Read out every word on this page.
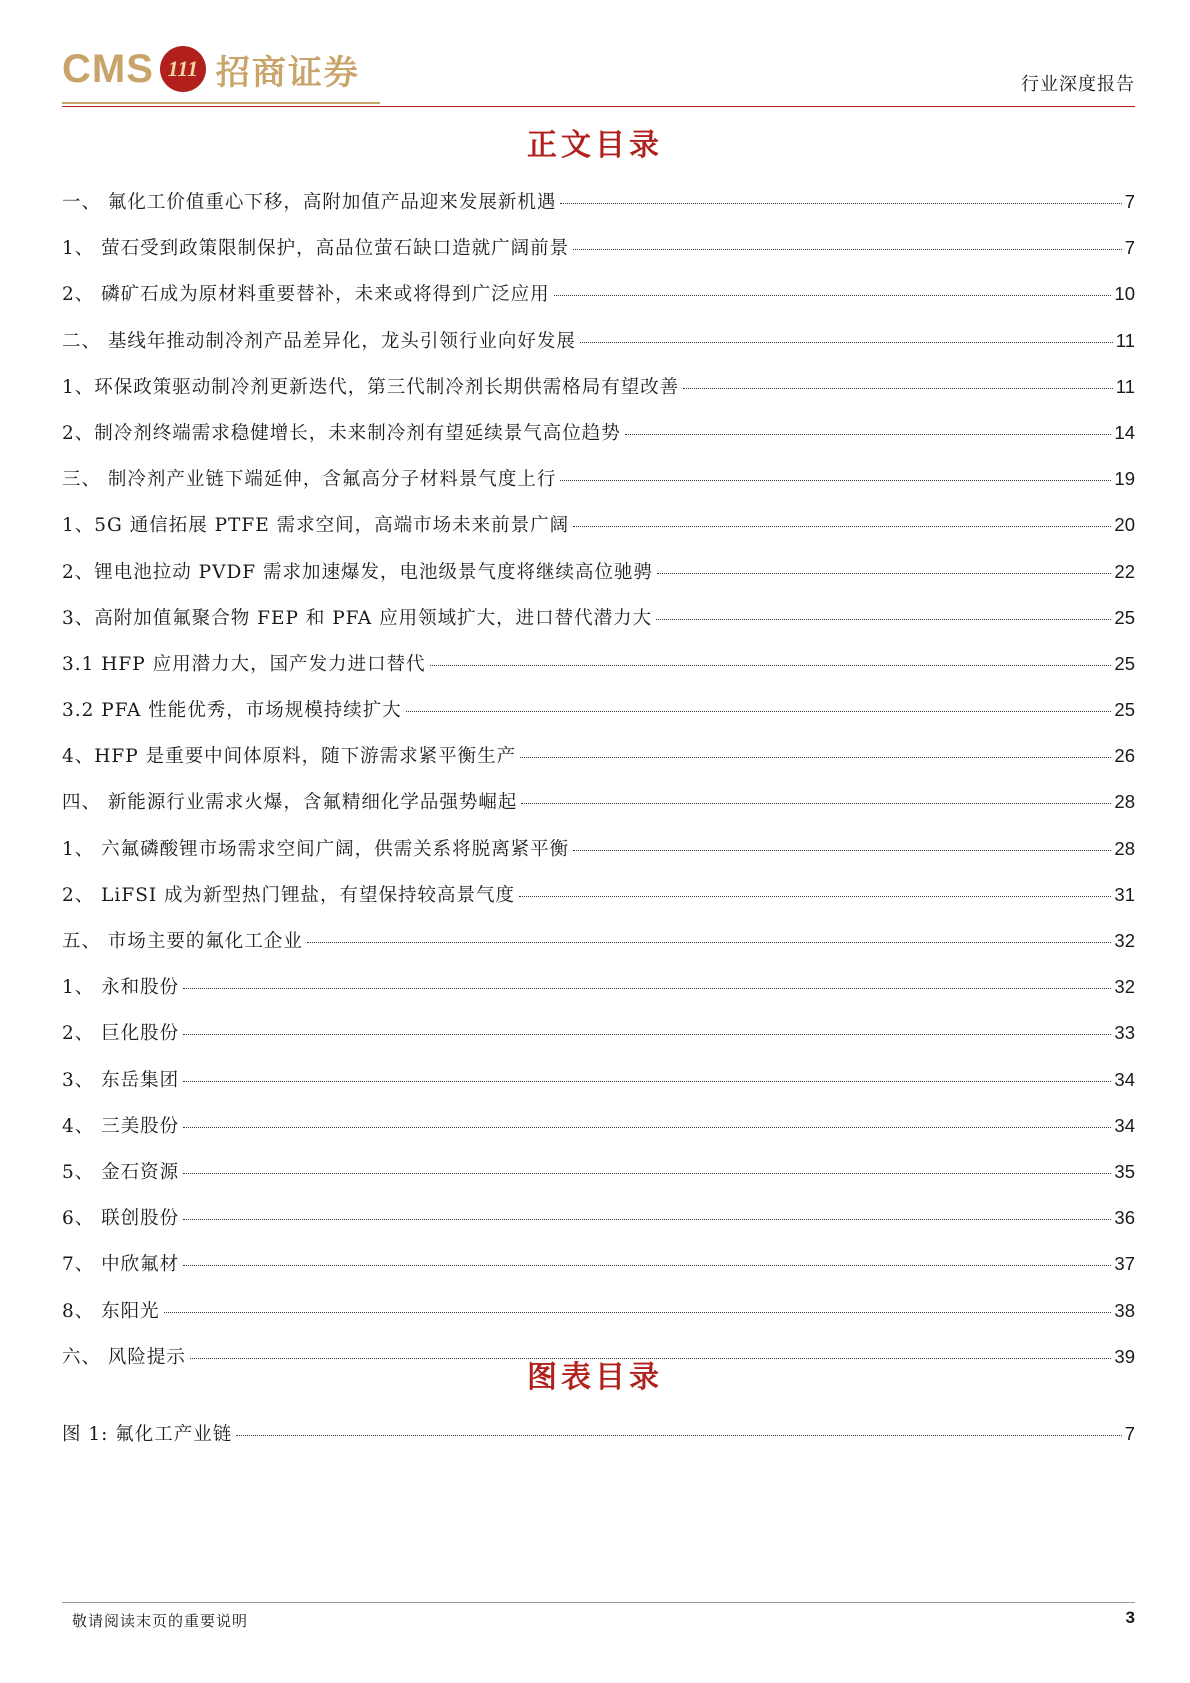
CMS 111 招商证券	行业深度报告
正文目录
一、 氟化工价值重心下移，高附加值产品迎来发展新机遇	7
1、 萤石受到政策限制保护，高品位萤石缺口造就广阔前景	7
2、 磷矿石成为原材料重要替补，未来或将得到广泛应用	10
二、 基线年推动制冷剂产品差异化，龙头引领行业向好发展	11
1、环保政策驱动制冷剂更新迭代，第三代制冷剂长期供需格局有望改善	11
2、制冷剂终端需求稳健增长，未来制冷剂有望延续景气高位趋势	14
三、 制冷剂产业链下端延伸，含氟高分子材料景气度上行	19
1、5G 通信拓展 PTFE 需求空间，高端市场未来前景广阔	20
2、锂电池拉动 PVDF 需求加速爆发，电池级景气度将继续高位驰骋	22
3、高附加值氟聚合物 FEP 和 PFA 应用领域扩大，进口替代潜力大	25
3.1 HFP 应用潜力大，国产发力进口替代	25
3.2 PFA 性能优秀，市场规模持续扩大	25
4、HFP 是重要中间体原料，随下游需求紧平衡生产	26
四、 新能源行业需求火爆，含氟精细化学品强势崛起	28
1、 六氟磷酸锂市场需求空间广阔，供需关系将脱离紧平衡	28
2、 LiFSI 成为新型热门锂盐，有望保持较高景气度	31
五、 市场主要的氟化工企业	32
1、 永和股份	32
2、 巨化股份	33
3、 东岳集团	34
4、 三美股份	34
5、 金石资源	35
6、 联创股份	36
7、 中欣氟材	37
8、 东阳光	38
六、 风险提示	39
图表目录
图 1: 氟化工产业链	7
敬请阅读末页的重要说明	3
